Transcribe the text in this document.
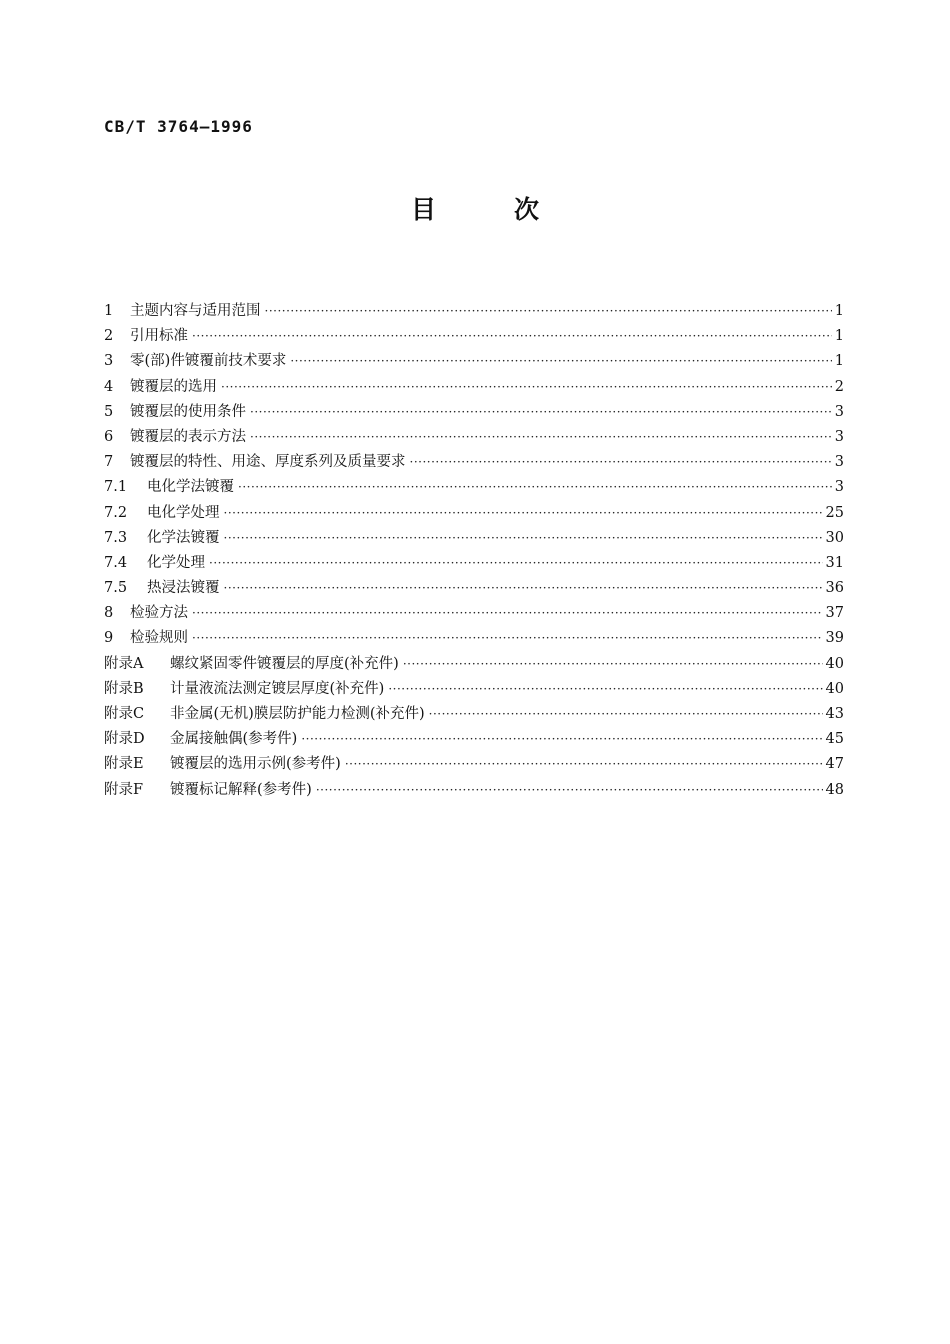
CB/T 3764—1996
目	次
1	主题内容与适用范围 ·····	1
2	引用标准 ·····	1
3	零(部)件镀覆前技术要求 ·····	1
4	镀覆层的选用 ·····	2
5	镀覆层的使用条件 ·····	3
6	镀覆层的表示方法 ·····	3
7	镀覆层的特性、用途、厚度系列及质量要求 ·····	3
7.1	电化学法镀覆 ·····	3
7.2	电化学处理 ·····	25
7.3	化学法镀覆 ·····	30
7.4	化学处理 ·····	31
7.5	热浸法镀覆 ·····	36
8	检验方法 ·····	37
9	检验规则 ·····	39
附录A	螺纹紧固零件镀覆层的厚度(补充件) ·····	40
附录B	计量液流法测定镀层厚度(补充件) ·····	40
附录C	非金属(无机)膜层防护能力检测(补充件) ·····	43
附录D	金属接触偶(参考件) ·····	45
附录E	镀覆层的选用示例(参考件) ·····	47
附录F	镀覆标记解释(参考件) ·····	48
